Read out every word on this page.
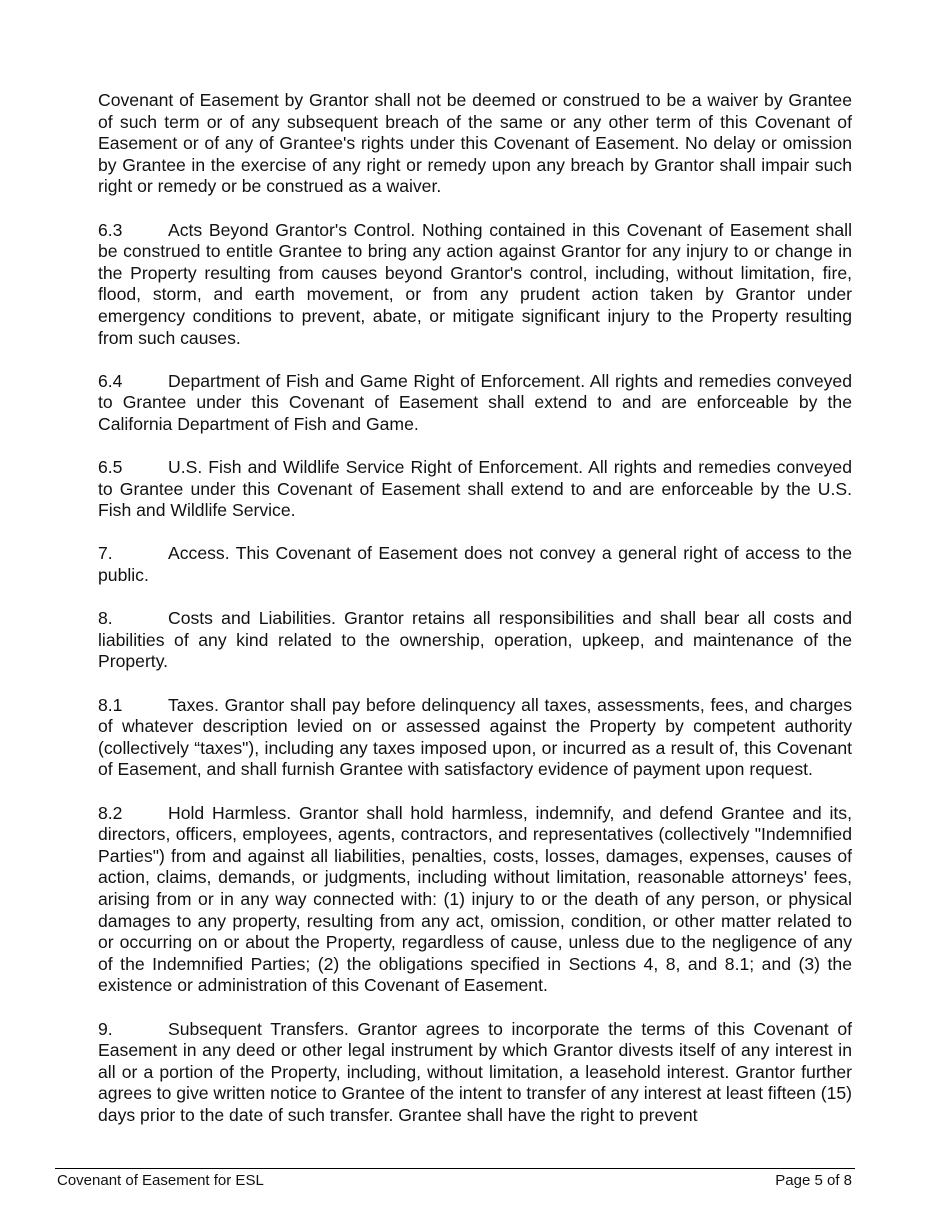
Covenant of Easement by Grantor shall not be deemed or construed to be a waiver by Grantee of such term or of any subsequent breach of the same or any other term of this Covenant of Easement or of any of Grantee's rights under this Covenant of Easement. No delay or omission by Grantee in the exercise of any right or remedy upon any breach by Grantor shall impair such right or remedy or be construed as a waiver.

6.3	Acts Beyond Grantor's Control. Nothing contained in this Covenant of Easement shall be construed to entitle Grantee to bring any action against Grantor for any injury to or change in the Property resulting from causes beyond Grantor's control, including, without limitation, fire, flood, storm, and earth movement, or from any prudent action taken by Grantor under emergency conditions to prevent, abate, or mitigate significant injury to the Property resulting from such causes.

6.4	Department of Fish and Game Right of Enforcement. All rights and remedies conveyed to Grantee under this Covenant of Easement shall extend to and are enforceable by the California Department of Fish and Game.

6.5	U.S. Fish and Wildlife Service Right of Enforcement. All rights and remedies conveyed to Grantee under this Covenant of Easement shall extend to and are enforceable by the U.S. Fish and Wildlife Service.

7.	Access. This Covenant of Easement does not convey a general right of access to the public.

8.	Costs and Liabilities. Grantor retains all responsibilities and shall bear all costs and liabilities of any kind related to the ownership, operation, upkeep, and maintenance of the Property.

8.1	Taxes. Grantor shall pay before delinquency all taxes, assessments, fees, and charges of whatever description levied on or assessed against the Property by competent authority (collectively “taxes"), including any taxes imposed upon, or incurred as a result of, this Covenant of Easement, and shall furnish Grantee with satisfactory evidence of payment upon request.

8.2	Hold Harmless. Grantor shall hold harmless, indemnify, and defend Grantee and its, directors, officers, employees, agents, contractors, and representatives (collectively "Indemnified Parties") from and against all liabilities, penalties, costs, losses, damages, expenses, causes of action, claims, demands, or judgments, including without limitation, reasonable attorneys' fees, arising from or in any way connected with: (1) injury to or the death of any person, or physical damages to any property, resulting from any act, omission, condition, or other matter related to or occurring on or about the Property, regardless of cause, unless due to the negligence of any of the Indemnified Parties; (2) the obligations specified in Sections 4, 8, and 8.1; and (3) the existence or administration of this Covenant of Easement.

9.	Subsequent Transfers. Grantor agrees to incorporate the terms of this Covenant of Easement in any deed or other legal instrument by which Grantor divests itself of any interest in all or a portion of the Property, including, without limitation, a leasehold interest. Grantor further agrees to give written notice to Grantee of the intent to transfer of any interest at least fifteen (15) days prior to the date of such transfer. Grantee shall have the right to prevent

Covenant of Easement for ESL	Page 5 of 8
